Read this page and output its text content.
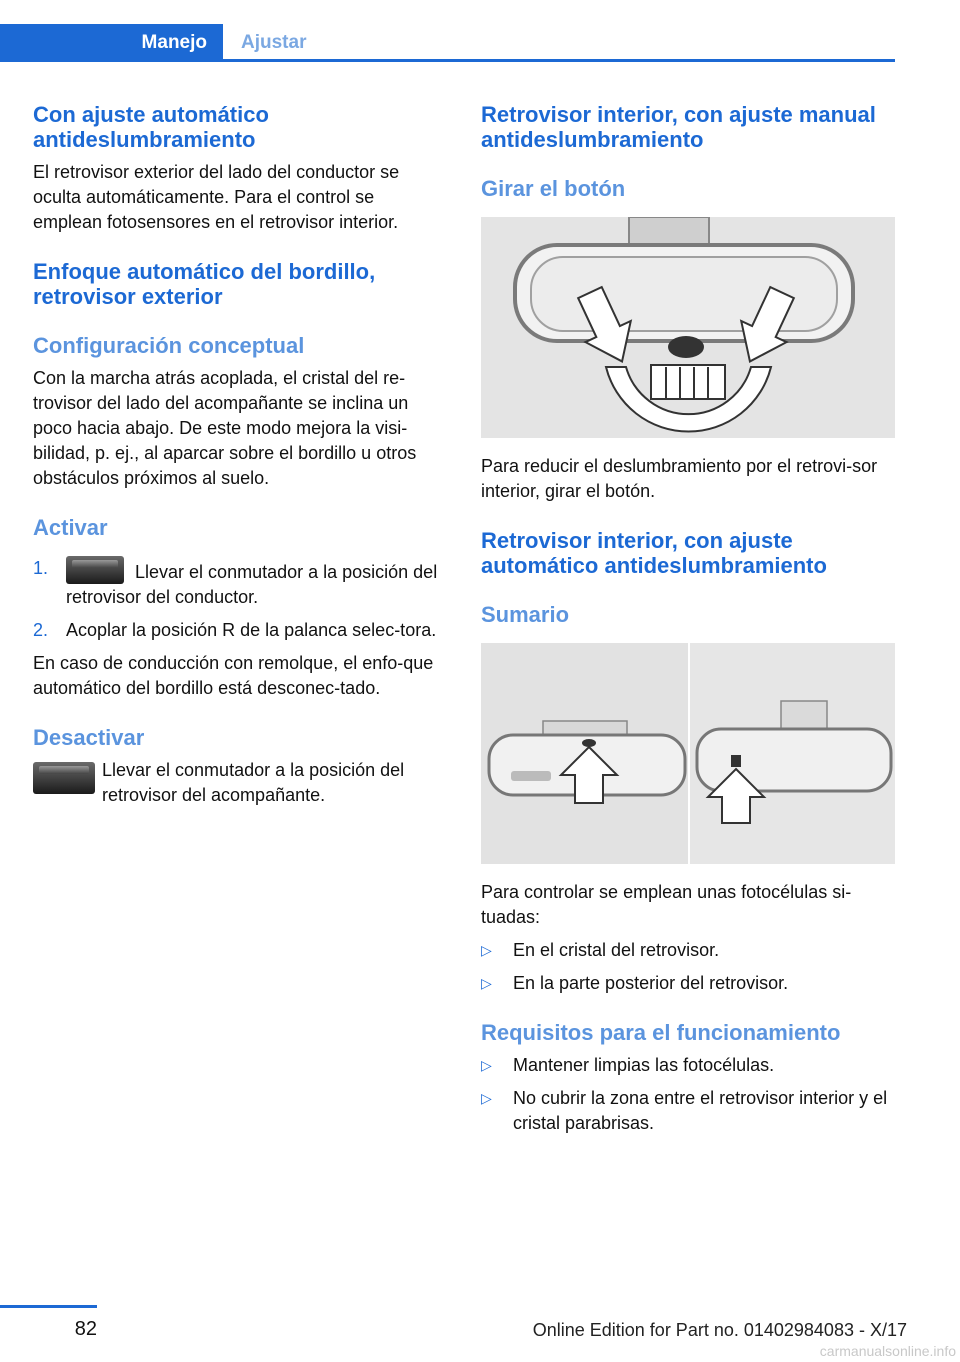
Manejo	Ajustar
Con ajuste automático antideslumbramiento

El retrovisor exterior del lado del conductor se oculta automáticamente. Para el control se emplean fotosensores en el retrovisor interior.

Enfoque automático del bordillo, retrovisor exterior
Configuración conceptual

Con la marcha atrás acoplada, el cristal del re‐trovisor del lado del acompañante se inclina un poco hacia abajo. De este modo mejora la visi‐bilidad, p. ej., al aparcar sobre el bordillo u otros obstáculos próximos al suelo.

Activar
1.	Llevar el conmutador a la posición del retrovisor del conductor.
2. Acoplar la posición R de la palanca selec‐tora.

En caso de conducción con remolque, el enfo‐que automático del bordillo está desconec‐tado.

Desactivar

Llevar el conmutador a la posición del retrovisor del acompañante.

Retrovisor interior, con ajuste manual antideslumbramiento
Girar el botón

Para reducir el deslumbramiento por el retrovi‐sor interior, girar el botón.

Retrovisor interior, con ajuste automático antideslumbramiento
Sumario

Para controlar se emplean unas fotocélulas si‐tuadas:

▷ En el cristal del retrovisor.
▷ En la parte posterior del retrovisor.
Requisitos para el funcionamiento
▷ Mantener limpias las fotocélulas.
▷ No cubrir la zona entre el retrovisor interior y el cristal parabrisas.
82	Online Edition for Part no. 01402984083 - X/17
carmanualsonline.info
